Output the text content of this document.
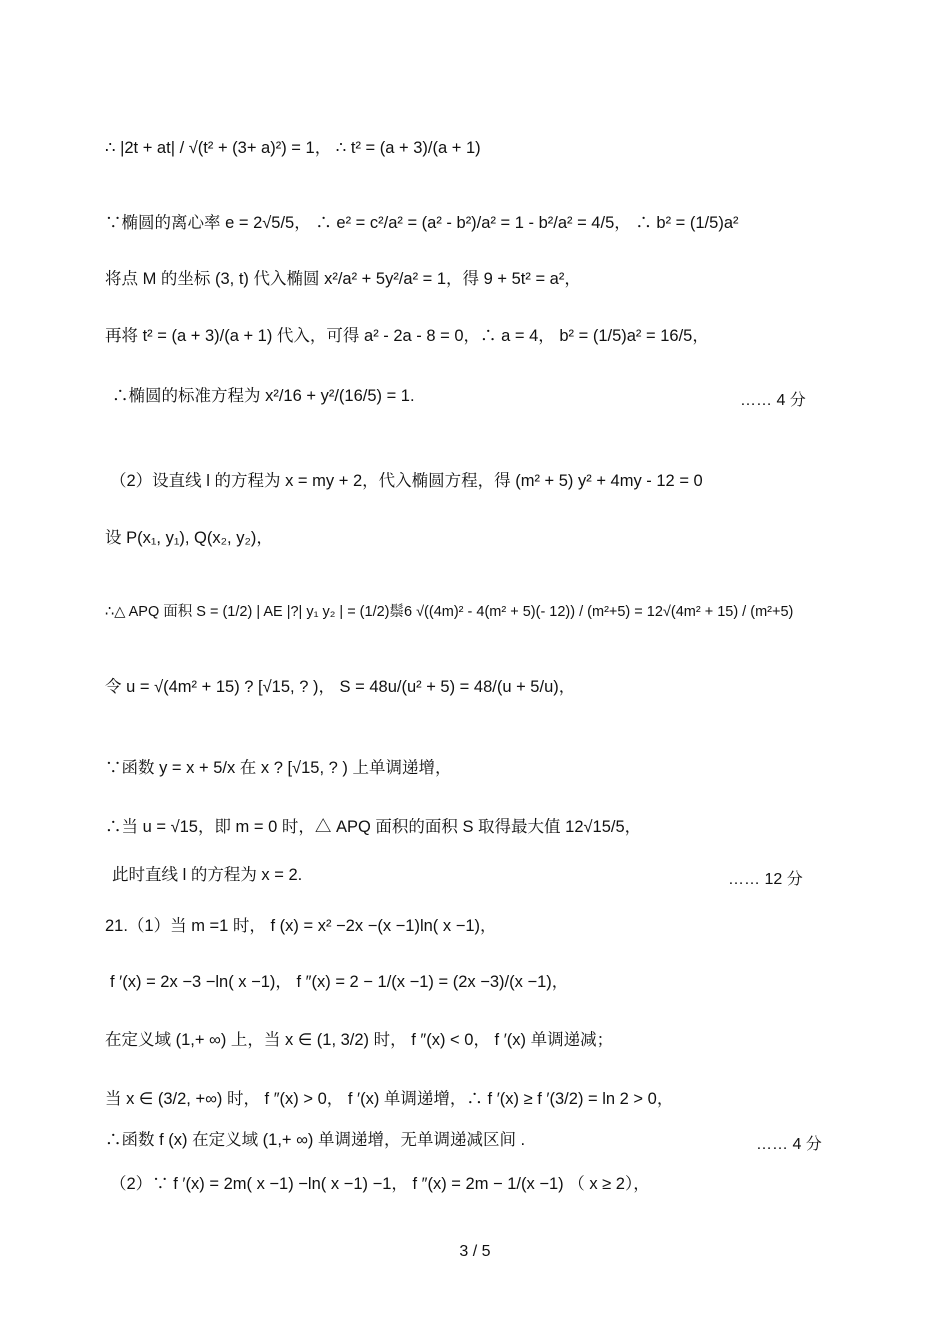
∴ |2t + at| / √(t² + (3+ a)²) = 1， ∴ t² = (a + 3)/(a + 1)
∵椭圆的离心率 e = 2√5/5， ∴ e² = c²/a² = (a² - b²)/a² = 1 - b²/a² = 4/5， ∴ b² = (1/5)a²
将点 M 的坐标 (3, t) 代入椭圆 x²/a² + 5y²/a² = 1，得 9 + 5t² = a²，
再将 t² = (a + 3)/(a + 1) 代入，可得 a² - 2a - 8 = 0，∴ a = 4， b² = (1/5)a² = 16/5，
∴椭圆的标准方程为 x²/16 + y²/(16/5) = 1.	…… 4 分
（2）设直线 l 的方程为 x = my + 2，代入椭圆方程，得 (m² + 5) y² + 4my - 12 = 0
设 P(x₁, y₁), Q(x₂, y₂)，
∴△ APQ 面积 S = (1/2) | AE |?| y₁ y₂ | = (1/2)鬃6 √((4m)² - 4(m² + 5)(- 12)) / (m²+5) = 12√(4m² + 15) / (m²+5)
令 u = √(4m² + 15) ? [√15, ? )， S = 48u/(u² + 5) = 48/(u + 5/u)，
∵函数 y = x + 5/x 在 x ? [√15, ? ) 上单调递增，
∴当 u = √15，即 m = 0 时，△ APQ 面积的面积 S 取得最大值 12√15/5，
此时直线 l 的方程为 x = 2.	…… 12 分
21.（1）当 m =1 时， f (x) = x² −2x −(x −1)ln( x −1)，
f ′(x) = 2x −3 −ln( x −1)， f ″(x) = 2 − 1/(x −1) = (2x −3)/(x −1)，
在定义域 (1,+ ∞) 上，当 x ∈ (1, 3/2) 时， f ″(x) < 0， f ′(x) 单调递减；
当 x ∈ (3/2, +∞) 时， f ″(x) > 0， f ′(x) 单调递增，∴ f ′(x) ≥ f ′(3/2) = ln 2 > 0，
∴函数 f (x) 在定义域 (1,+ ∞) 单调递增，无单调递减区间 .	…… 4 分
（2）∵ f ′(x) = 2m( x −1) −ln( x −1) −1， f ″(x) = 2m − 1/(x −1) （ x ≥ 2），
3 / 5
